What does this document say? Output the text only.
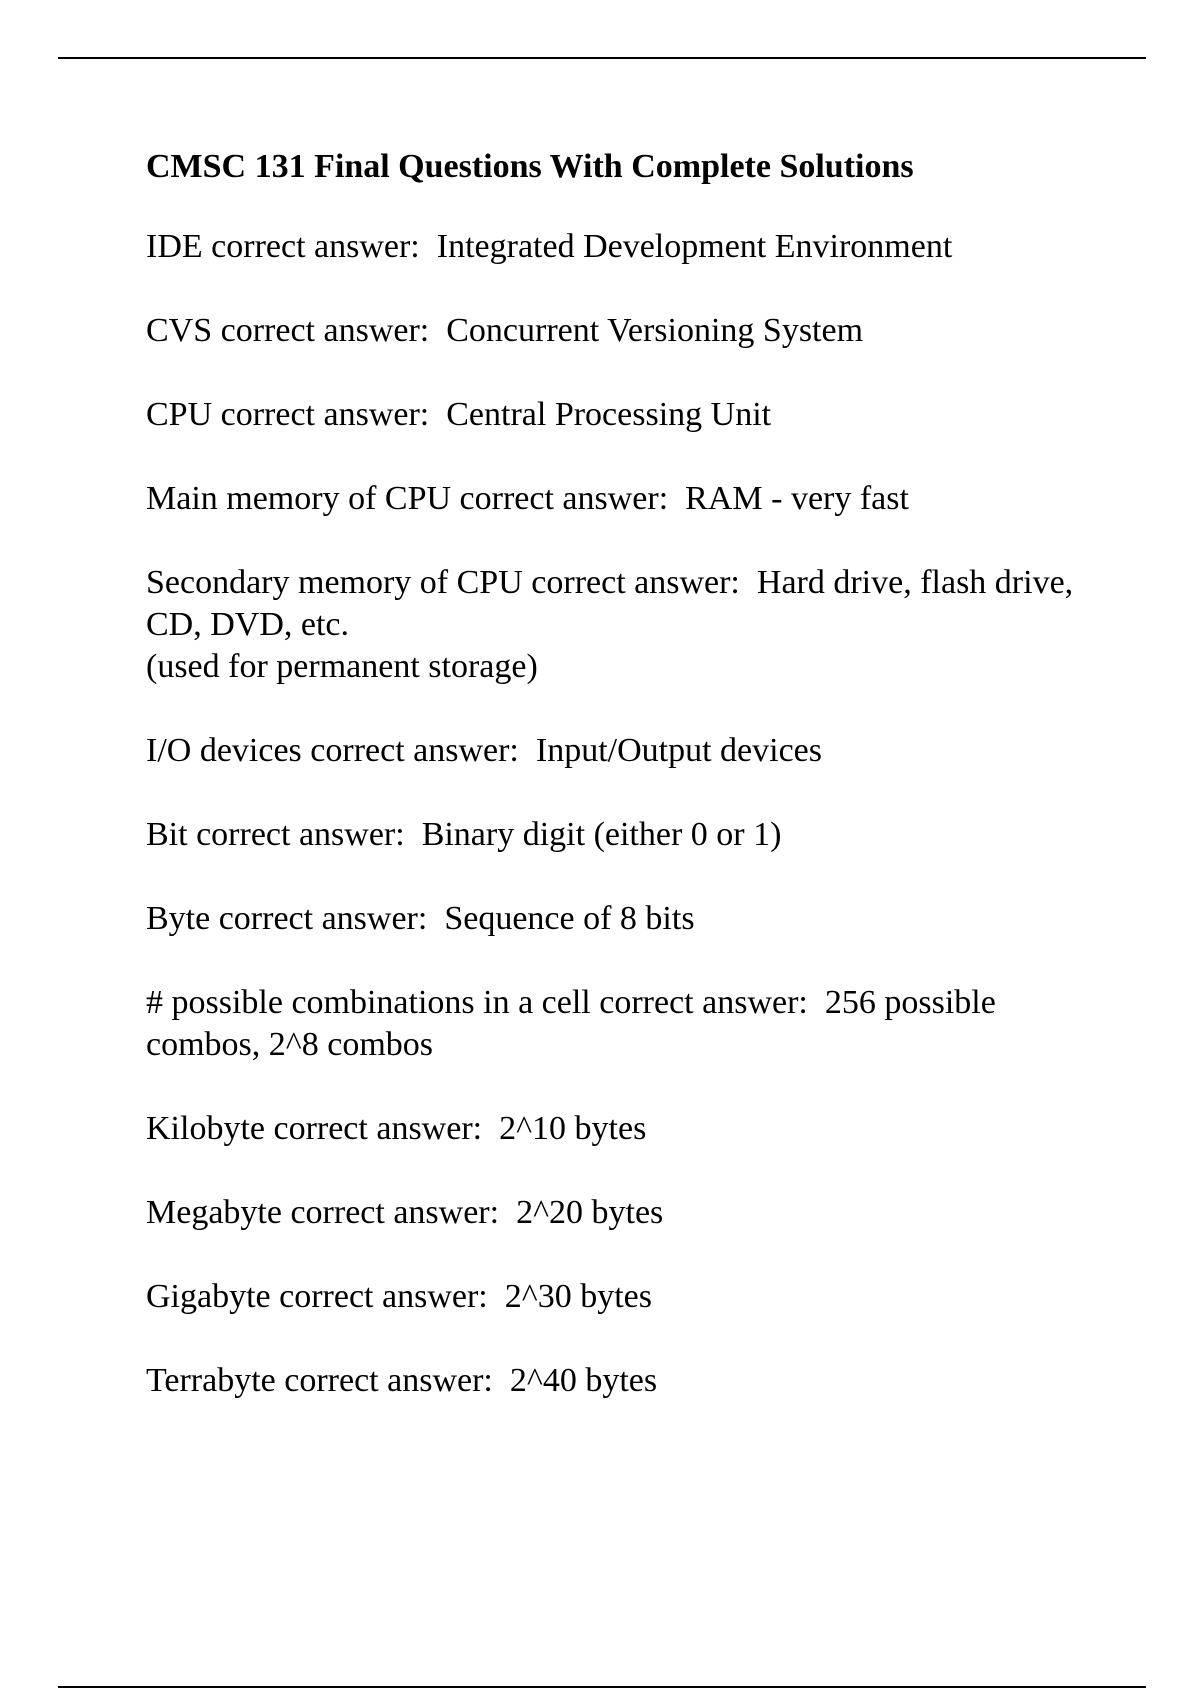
CMSC 131 Final Questions With Complete Solutions
IDE correct answer:  Integrated Development Environment
CVS correct answer:  Concurrent Versioning System
CPU correct answer:  Central Processing Unit
Main memory of CPU correct answer:  RAM - very fast
Secondary memory of CPU correct answer:  Hard drive, flash drive, CD, DVD, etc.
(used for permanent storage)
I/O devices correct answer:  Input/Output devices
Bit correct answer:  Binary digit (either 0 or 1)
Byte correct answer:  Sequence of 8 bits
# possible combinations in a cell correct answer:  256 possible combos, 2^8 combos
Kilobyte correct answer:  2^10 bytes
Megabyte correct answer:  2^20 bytes
Gigabyte correct answer:  2^30 bytes
Terrabyte correct answer:  2^40 bytes
